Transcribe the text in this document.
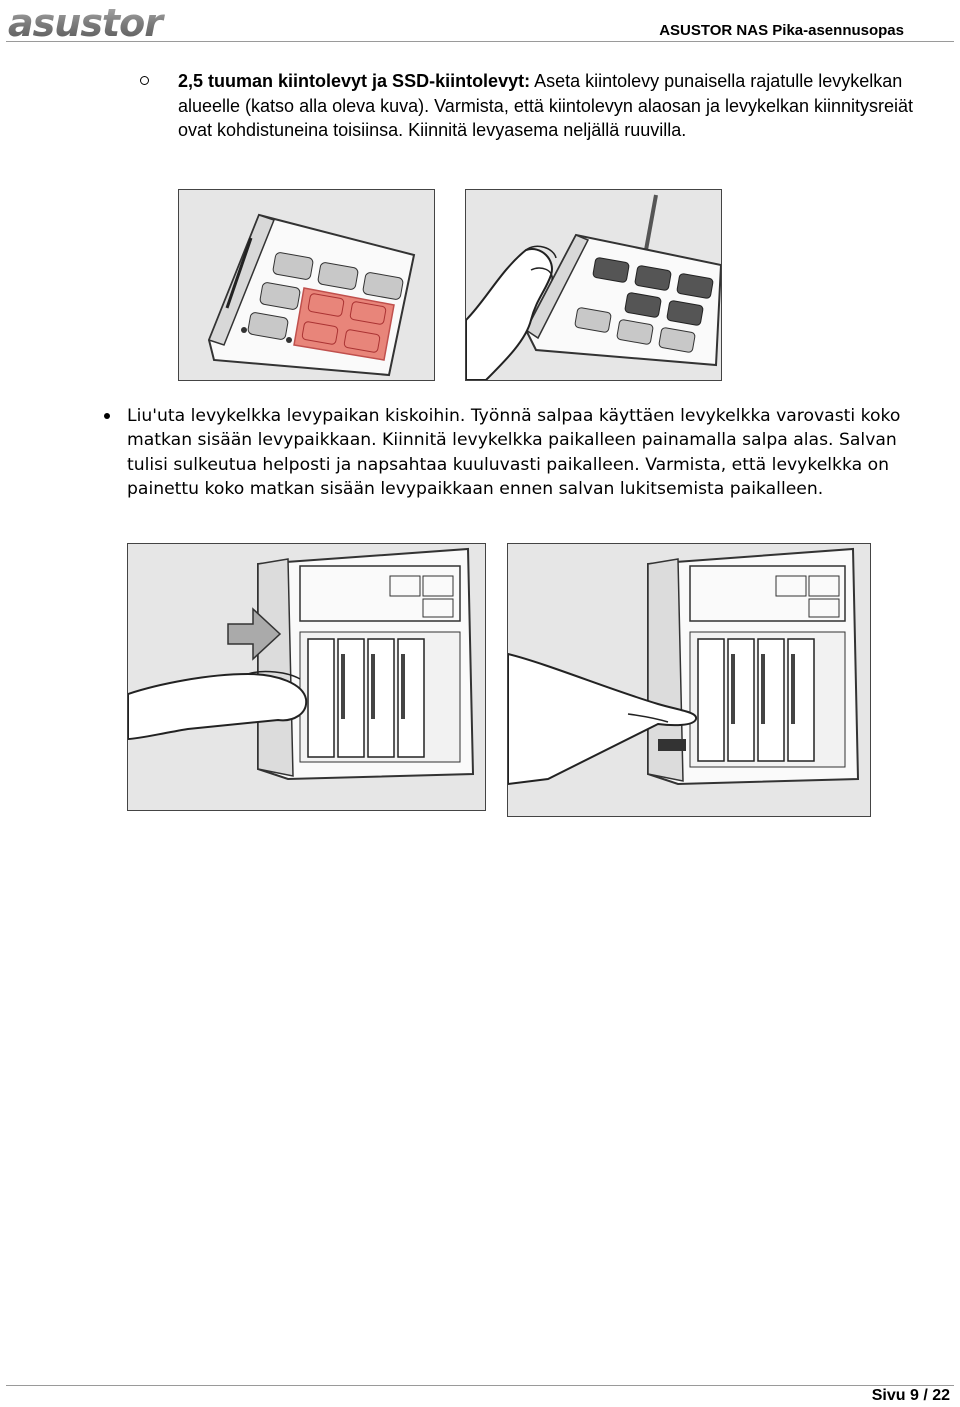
asustor	ASUSTOR NAS Pika-asennusopas
2,5 tuuman kiintolevyt ja SSD-kiintolevyt: Aseta kiintolevy punaisella rajatulle levykelkan alueelle (katso alla oleva kuva). Varmista, että kiintolevyn alaosan ja levykelkan kiinnitysreiät ovat kohdistuneina toisiinsa. Kiinnitä levyasema neljällä ruuvilla.
Liu'uta levykelkka levypaikan kiskoihin. Työnnä salpaa käyttäen levykelkka varovasti koko matkan sisään levypaikkaan. Kiinnitä levykelkka paikalleen painamalla salpa alas. Salvan tulisi sulkeutua helposti ja napsahtaa kuuluvasti paikalleen. Varmista, että levykelkka on painettu koko matkan sisään levypaikkaan ennen salvan lukitsemista paikalleen.
Sivu 9 / 22
